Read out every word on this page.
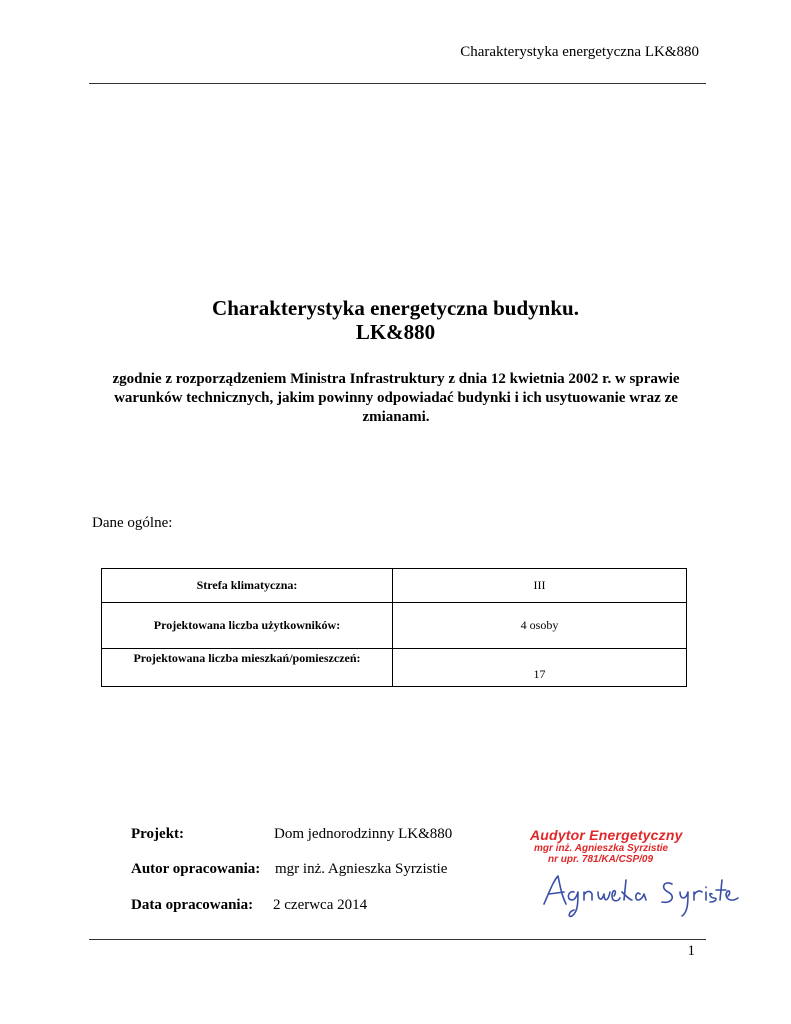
Charakterystyka energetyczna LK&880
Charakterystyka energetyczna budynku.
LK&880
zgodnie z rozporządzeniem Ministra Infrastruktury z dnia 12 kwietnia 2002 r. w sprawie warunków technicznych, jakim powinny odpowiadać budynki i ich usytuowanie wraz ze zmianami.
Dane ogólne:
Strefa klimatyczna:	III
Projektowana liczba użytkowników:	4 osoby
Projektowana liczba mieszkań/pomieszczeń:	17
Projekt:	Dom jednorodzinny LK&880
Autor opracowania: mgr inż. Agnieszka Syrzistie
Data opracowania: 2 czerwca 2014
Audytor Energetyczny
mgr inż. Agnieszka Syrzistie
nr upr. 781/KA/CSP/09
1
